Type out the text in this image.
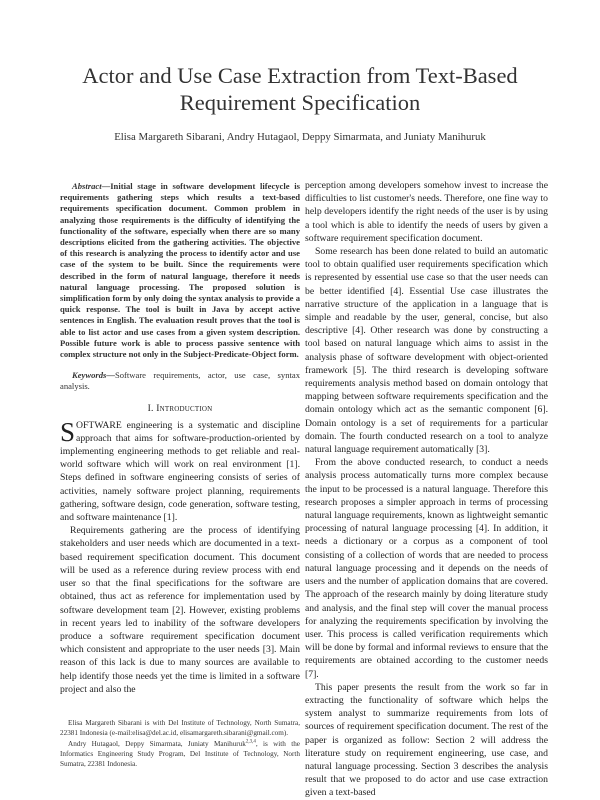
Actor and Use Case Extraction from Text-Based Requirement Specification
Elisa Margareth Sibarani, Andry Hutagaol, Deppy Simarmata, and Juniaty Manihuruk

Abstract—Initial stage in software development lifecycle is requirements gathering steps which results a text-based requirements specification document. Common problem in analyzing those requirements is the difficulty of identifying the functionality of the software, especially when there are so many descriptions elicited from the gathering activities. The objective of this research is analyzing the process to identify actor and use case of the system to be built. Since the requirements were described in the form of natural language, therefore it needs natural language processing. The proposed solution is simplification form by only doing the syntax analysis to provide a quick response. The tool is built in Java by accept active sentences in English. The evaluation result proves that the tool is able to list actor and use cases from a given system description. Possible future work is able to process passive sentence with complex structure not only in the Subject-Predicate-Object form.

Keywords—Software requirements, actor, use case, syntax analysis.

I. Introduction

SOFTWARE engineering is a systematic and discipline approach that aims for software-production-oriented by implementing engineering methods to get reliable and real-world software which will work on real environment [1]. Steps defined in software engineering consists of series of activities, namely software project planning, requirements gathering, software design, code generation, software testing, and software maintenance [1].

Requirements gathering are the process of identifying stakeholders and user needs which are documented in a text-based requirement specification document. This document will be used as a reference during review process with end user so that the final specifications for the software are obtained, thus act as reference for implementation used by software development team [2]. However, existing problems in recent years led to inability of the software developers produce a software requirement specification document which consistent and appropriate to the user needs [3]. Main reason of this lack is due to many sources are available to help identify those needs yet the time is limited in a software project and also the

Elisa Margareth Sibarani is with Del Institute of Technology, North Sumatra, 22381 Indonesia (e-mail:elisa@del.ac.id, elisamargareth.sibarani@gmail.com).

Andry Hutagaol, Deppy Simarmata, Juniaty Manihuruk$^{2,3,4}$, is with the Informatics Engineering Study Program, Del Institute of Technology, North Sumatra, 22381 Indonesia.

perception among developers somehow invest to increase the difficulties to list customer's needs. Therefore, one fine way to help developers identify the right needs of the user is by using a tool which is able to identify the needs of users by given a software requirement specification document.

Some research has been done related to build an automatic tool to obtain qualified user requirements specification which is represented by essential use case so that the user needs can be better identified [4]. Essential Use case illustrates the narrative structure of the application in a language that is simple and readable by the user, general, concise, but also descriptive [4]. Other research was done by constructing a tool based on natural language which aims to assist in the analysis phase of software development with object-oriented framework [5]. The third research is developing software requirements analysis method based on domain ontology that mapping between software requirements specification and the domain ontology which act as the semantic component [6]. Domain ontology is a set of requirements for a particular domain. The fourth conducted research on a tool to analyze natural language requirement automatically [3].

From the above conducted research, to conduct a needs analysis process automatically turns more complex because the input to be processed is a natural language. Therefore this research proposes a simpler approach in terms of processing natural language requirements, known as lightweight semantic processing of natural language processing [4]. In addition, it needs a dictionary or a corpus as a component of tool consisting of a collection of words that are needed to process natural language processing and it depends on the needs of users and the number of application domains that are covered. The approach of the research mainly by doing literature study and analysis, and the final step will cover the manual process for analyzing the requirements specification by involving the user. This process is called verification requirements which will be done by formal and informal reviews to ensure that the requirements are obtained according to the customer needs [7].

This paper presents the result from the work so far in extracting the functionality of software which helps the system analyst to summarize requirements from lots of sources of requirement specification document. The rest of the paper is organized as follow: Section 2 will address the literature study on requirement engineering, use case, and natural language processing. Section 3 describes the analysis result that we proposed to do actor and use case extraction given a text-based
